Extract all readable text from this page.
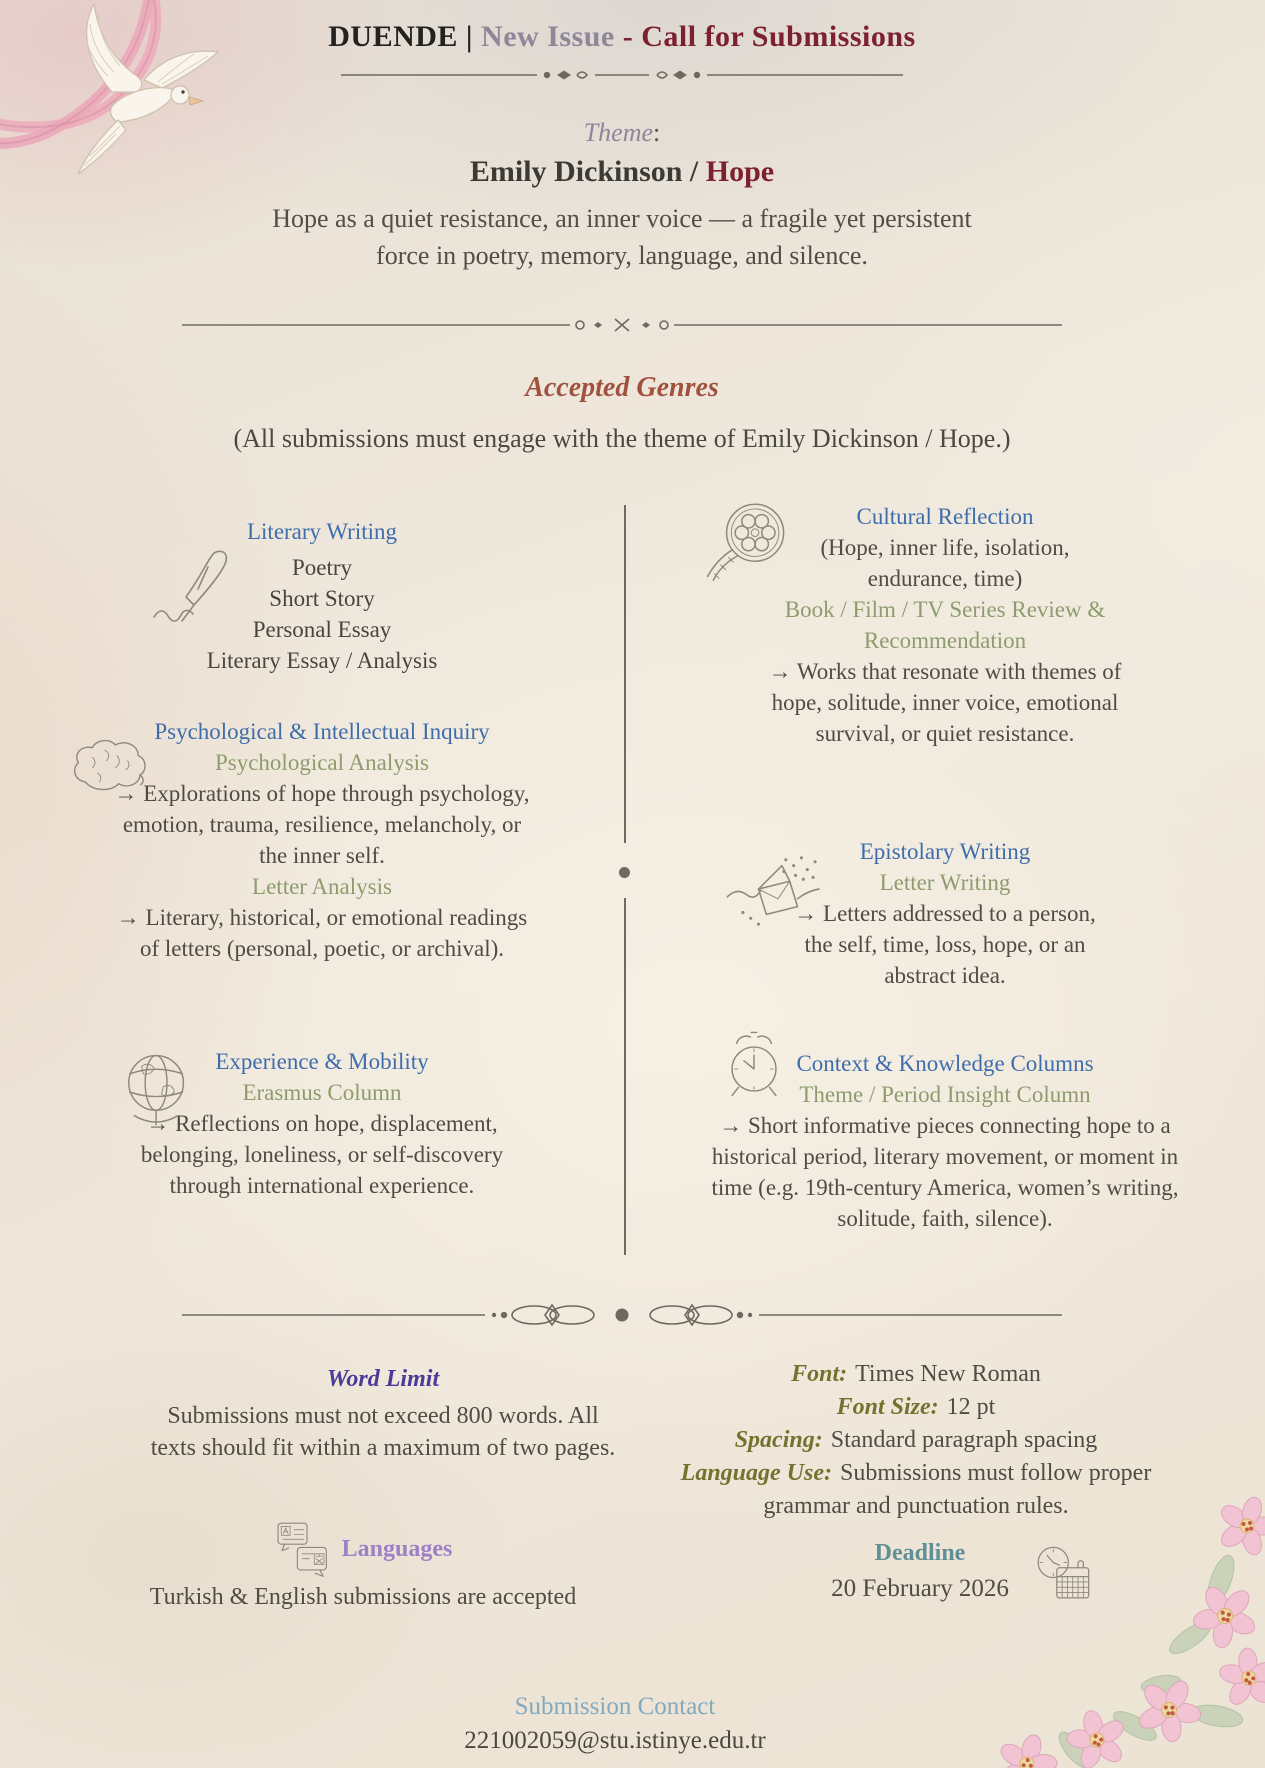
DUENDE | New Issue - Call for Submissions
Theme:
Emily Dickinson / Hope
Hope as a quiet resistance, an inner voice — a fragile yet persistent force in poetry, memory, language, and silence.
Accepted Genres
(All submissions must engage with the theme of Emily Dickinson / Hope.)
Literary Writing
Poetry
Short Story
Personal Essay
Literary Essay / Analysis
Psychological & Intellectual Inquiry
Psychological Analysis
→ Explorations of hope through psychology, emotion, trauma, resilience, melancholy, or the inner self.
Letter Analysis
→ Literary, historical, or emotional readings of letters (personal, poetic, or archival).
Experience & Mobility
Erasmus Column
→ Reflections on hope, displacement, belonging, loneliness, or self-discovery through international experience.
Cultural Reflection
(Hope, inner life, isolation, endurance, time)
Book / Film / TV Series Review & Recommendation
→ Works that resonate with themes of hope, solitude, inner voice, emotional survival, or quiet resistance.
Epistolary Writing
Letter Writing
→ Letters addressed to a person, the self, time, loss, hope, or an abstract idea.
Context & Knowledge Columns
Theme / Period Insight Column
→ Short informative pieces connecting hope to a historical period, literary movement, or moment in time (e.g. 19th-century America, women’s writing, solitude, faith, silence).
Word Limit
Submissions must not exceed 800 words. All texts should fit within a maximum of two pages.
Font: Times New Roman
Font Size: 12 pt
Spacing: Standard paragraph spacing
Language Use: Submissions must follow proper grammar and punctuation rules.
Languages
Turkish & English submissions are accepted
Deadline
20 February 2026
Submission Contact
221002059@stu.istinye.edu.tr
